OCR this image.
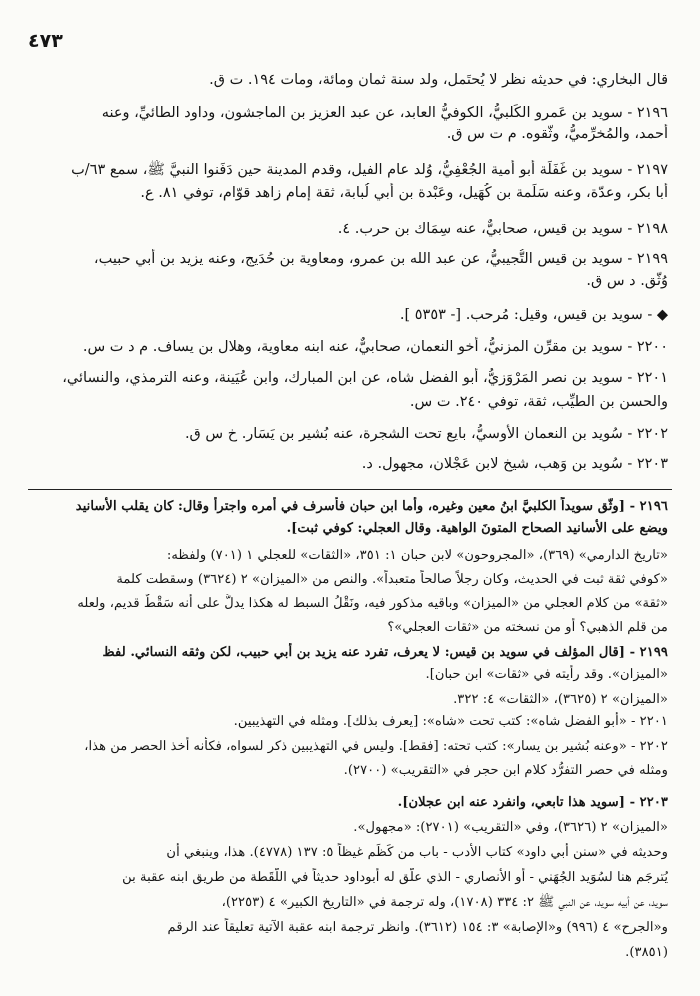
٤٧٣
قال البخاري: في حديثه نظر لا يُحتَمل، ولد سنة ثمان ومائة، ومات ١٩٤. ت ق.
٢١٩٦ - سويد بن عَمرو الكَلبيُّ، الكوفيُّ العابد، عن عبد العزيز بن الماجشون، وداود الطائيِّ، وعنه
أحمد، والمُخرِّميُّ، وثّقوه. م ت س ق.
٢١٩٧ - سويد بن غَفَلَة أبو أُمية الجُعْفِيُّ، وُلد عام الفيل، وقدم المدينة حين دَفَنوا النبيَّ ﷺ، سمع ٦٣/ب
أبا بكر، وعدّة، وعنه سَلَمة بن كُهَيل، وعَبْدة بن أبي لُبابة، ثقة إمام زاهد قوّام، توفي ٨١. ع.
٢١٩٨ - سويد بن قيس، صحابيٌّ، عنه سِمَاك بن حرب. ٤.
٢١٩٩ - سويد بن قيس التُّجيبيُّ، عن عبد الله بن عمرو، ومعاوية بن حُدَيج، وعنه يزيد بن أبي حبيب،
وُثّق. د س ق.
◆ - سويد بن قيس، وقيل: مُرحب. [- ٥٣٥٣ ].
٢٢٠٠ - سويد بن مقرِّن المزنيُّ، أخو النعمان، صحابيٌّ، عنه ابنه معاوية، وهلال بن يساف. م د ت س.
٢٢٠١ - سويد بن نصر المَرْوَزيُّ، أبو الفضل شاه، عن ابن المبارك، وابن عُيَينة، وعنه الترمذي، والنسائي،
والحسن بن الطيِّب، ثقة، توفي ٢٤٠. ت س.
٢٢٠٢ - سُويد بن النعمان الأوسيُّ، بايع تحت الشجرة، عنه بُشير بن يَسَار. خ س ق.
٢٢٠٣ - سُويد بن وَهب، شيخ لابن عَجْلان، مجهول. د.
٢١٩٦ - [وثّق سويداً الكلبيَّ ابنُ معين وغيره، وأما ابن حبان فأسرف في أمره واجترأ وقال: كان يقلب الأسانيد
ويضع على الأسانيد الصحاح المتونَ الواهية. وقال العجلي: كوفي ثبت].
«تاريخ الدارمي» (٣٦٩)، «المجروحون» لابن حبان ١: ٣٥١، «الثقات» للعجلي ١ (٧٠١) ولفظه:
«كوفي ثقة ثبت في الحديث، وكان رجلاً صالحاً متعبداً». والنص من «الميزان» ٢ (٣٦٢٤) وسقطت كلمة
«ثقة» من كلام العجلي من «الميزان» وباقيه مذكور فيه، ونَقْلُ السبط له هكذا يدلُّ على أنه سَقْطٌ قديم، ولعله
من قلم الذهبي؟ أو من نسخته من «ثقات العجلي»؟
٢١٩٩ - [قال المؤلف في سويد بن قيس: لا يعرف، تفرد عنه يزيد بن أبي حبيب، لكن وثقه النسائي. لفظ
«الميزان». وقد رأيته في «ثقات» ابن حبان].
«الميزان» ٢ (٣٦٢٥)، «الثقات» ٤: ٣٢٢.
٢٢٠١ - «أبو الفضل شاه»: كتب تحت «شاه»: [يعرف بذلك]. ومثله في التهذيبين.
٢٢٠٢ - «وعنه بُشير بن يسار»: كتب تحته: [فقط]. وليس في التهذيبين ذكر لسواه، فكأنه أخذ الحصر من هذا،
ومثله في حصر التفرُّد كلام ابن حجر في «التقريب» (٢٧٠٠).
٢٢٠٣ - [سويد هذا تابعي، وانفرد عنه ابن عجلان].
«الميزان» ٢ (٣٦٢٦)، وفي «التقريب» (٢٧٠١): «مجهول».
وحديثه في «سنن أبي داود» كتاب الأدب - باب من كَظَم غيظاً ٥: ١٣٧ (٤٧٧٨). هذا، وينبغي أن
يُترجَم هنا لسُوَيد الجُهَني - أو الأنصاري - الذي علّق له أبوداود حديثاً في اللُّقَطة من طريق ابنه عقبة بن
سويد، عن أبيه سويد، عن النبي ﷺ ٢: ٣٣٤ (١٧٠٨)، وله ترجمة في «التاريخ الكبير» ٤ (٢٢٥٣)،
و«الجرح» ٤ (٩٩٦) و«الإصابة» ٣: ١٥٤ (٣٦١٢). وانظر ترجمة ابنه عقبة الآتية تعليقاً عند الرقم
(٣٨٥١).
